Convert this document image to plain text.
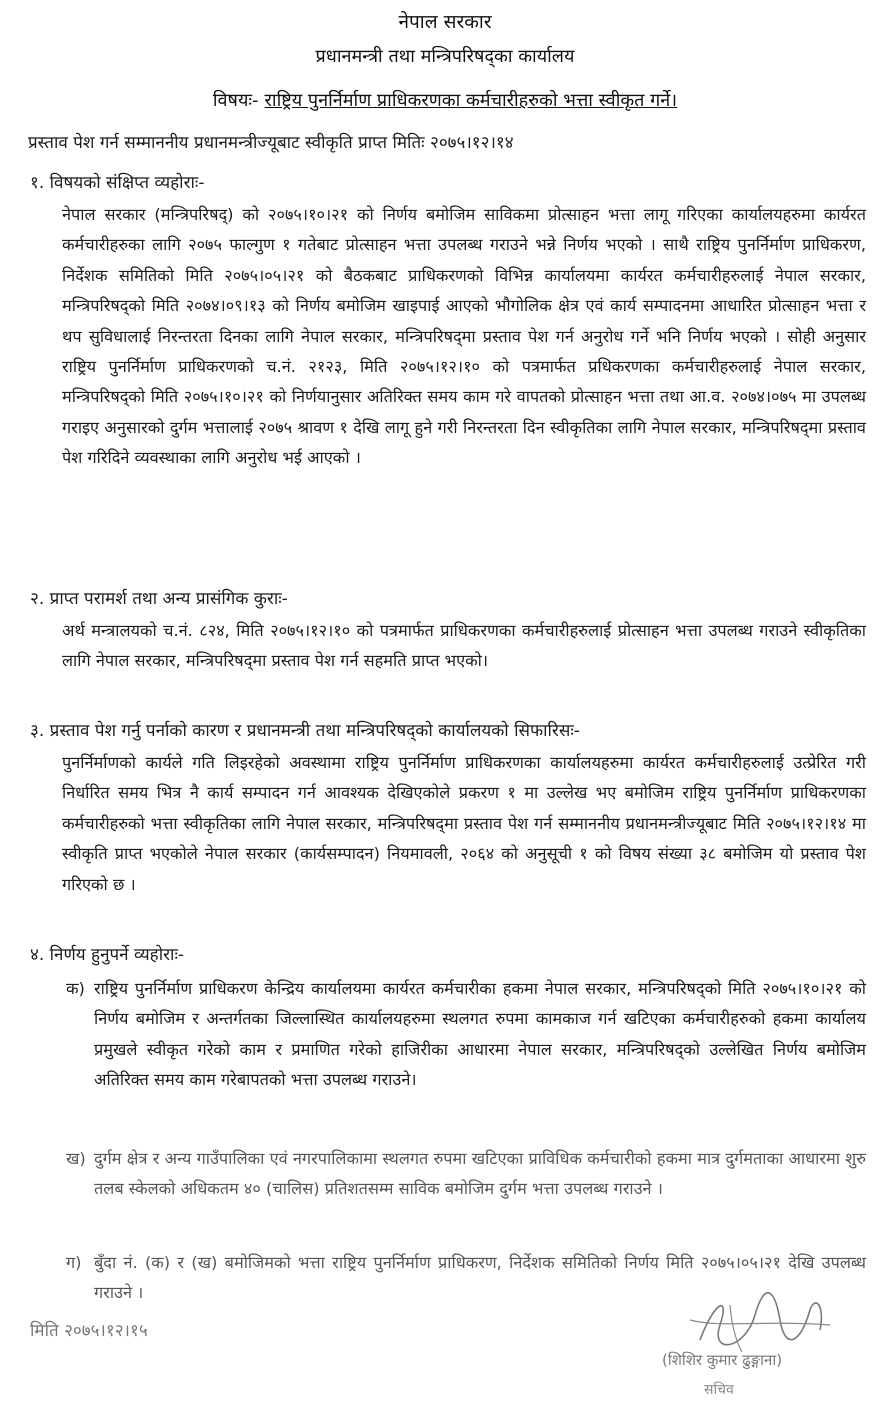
नेपाल सरकार
प्रधानमन्त्री तथा मन्त्रिपरिषद्‌का कार्यालय
विषयः- राष्ट्रिय पुनर्निर्माण प्राधिकरणका कर्मचारीहरुको भत्ता स्वीकृत गर्ने।
प्रस्ताव पेश गर्न सम्माननीय प्रधानमन्त्रीज्यूबाट स्वीकृति प्राप्त मितिः २०७५।१२।१४
१. विषयको संक्षिप्त व्यहोराः-

नेपाल सरकार (मन्त्रिपरिषद्) को २०७५।१०।२१ को निर्णय बमोजिम साविकमा प्रोत्साहन भत्ता लागू गरिएका कार्यालयहरुमा कार्यरत कर्मचारीहरुका लागि २०७५ फाल्गुण १ गतेबाट प्रोत्साहन भत्ता उपलब्ध गराउने भन्ने निर्णय भएको । साथै राष्ट्रिय पुनर्निर्माण प्राधिकरण, निर्देशक समितिको मिति २०७५।०५।२१ को बैठकबाट प्राधिकरणको विभिन्न कार्यालयमा कार्यरत कर्मचारीहरुलाई नेपाल सरकार, मन्त्रिपरिषद्‌को मिति २०७४।०९।१३ को निर्णय बमोजिम खाइपाई आएको भौगोलिक क्षेत्र एवं कार्य सम्पादनमा आधारित प्रोत्साहन भत्ता र थप सुविधालाई निरन्तरता दिनका लागि नेपाल सरकार, मन्त्रिपरिषद्‌मा प्रस्ताव पेश गर्न अनुरोध गर्ने भनि निर्णय भएको । सोही अनुसार राष्ट्रिय पुनर्निर्माण प्राधिकरणको च.नं. २१२३, मिति २०७५।१२।१० को पत्रमार्फत प्रधिकरणका कर्मचारीहरुलाई नेपाल सरकार, मन्त्रिपरिषद्‌को मिति २०७५।१०।२१ को निर्णयानुसार अतिरिक्त समय काम गरे वापतको प्रोत्साहन भत्ता तथा आ.व. २०७४।०७५ मा उपलब्ध गराइए अनुसारको दुर्गम भत्तालाई २०७५ श्रावण १ देखि लागू हुने गरी निरन्तरता दिन स्वीकृतिका लागि नेपाल सरकार, मन्त्रिपरिषद्‌मा प्रस्ताव पेश गरिदिने व्यवस्थाका लागि अनुरोध भई आएको ।

२. प्राप्त परामर्श तथा अन्य प्रासंगिक कुराः-

अर्थ मन्त्रालयको च.नं. ८२४, मिति २०७५।१२।१० को पत्रमार्फत प्राधिकरणका कर्मचारीहरुलाई प्रोत्साहन भत्ता उपलब्ध गराउने स्वीकृतिका लागि नेपाल सरकार, मन्त्रिपरिषद्‌मा प्रस्ताव पेश गर्न सहमति प्राप्त भएको।

३. प्रस्ताव पेश गर्नु पर्नाको कारण र प्रधानमन्त्री तथा मन्त्रिपरिषद्‌को कार्यालयको सिफारिसः-

पुनर्निर्माणको कार्यले गति लिइरहेको अवस्थामा राष्ट्रिय पुनर्निर्माण प्राधिकरणका कार्यालयहरुमा कार्यरत कर्मचारीहरुलाई उत्प्रेरित गरी निर्धारित समय भित्र नै कार्य सम्पादन गर्न आवश्यक देखिएकोले प्रकरण १ मा उल्लेख भए बमोजिम राष्ट्रिय पुनर्निर्माण प्राधिकरणका कर्मचारीहरुको भत्ता स्वीकृतिका लागि नेपाल सरकार, मन्त्रिपरिषद्‌मा प्रस्ताव पेश गर्न सम्माननीय प्रधानमन्त्रीज्यूबाट मिति २०७५।१२।१४ मा स्वीकृति प्राप्त भएकोले नेपाल सरकार (कार्यसम्पादन) नियमावली, २०६४ को अनुसूची १ को विषय संख्या ३८ बमोजिम यो प्रस्ताव पेश गरिएको छ ।

४. निर्णय हुनुपर्ने व्यहोराः-
क) राष्ट्रिय पुनर्निर्माण प्राधिकरण केन्द्रिय कार्यालयमा कार्यरत कर्मचारीका हकमा नेपाल सरकार, मन्त्रिपरिषद्‌को मिति २०७५।१०।२१ को निर्णय बमोजिम र अन्तर्गतका जिल्लास्थित कार्यालयहरुमा स्थलगत रुपमा कामकाज गर्न खटिएका कर्मचारीहरुको हकमा कार्यालय प्रमुखले स्वीकृत गरेको काम र प्रमाणित गरेको हाजिरीका आधारमा नेपाल सरकार, मन्त्रिपरिषद्‌को उल्लेखित निर्णय बमोजिम अतिरिक्त समय काम गरेबापतको भत्ता उपलब्ध गराउने।
ख) दुर्गम क्षेत्र र अन्य गाउँपालिका एवं नगरपालिकामा स्थलगत रुपमा खटिएका प्राविधिक कर्मचारीको हकमा मात्र दुर्गमताका आधारमा शुरु तलब स्केलको अधिकतम ४० (चालिस) प्रतिशतसम्म साविक बमोजिम दुर्गम भत्ता उपलब्ध गराउने ।
ग) बुँदा नं. (क) र (ख) बमोजिमको भत्ता राष्ट्रिय पुनर्निर्माण प्राधिकरण, निर्देशक समितिको निर्णय मिति २०७५।०५।२१ देखि उपलब्ध गराउने ।
मिति २०७५।१२।१५
(शिशिर कुमार ढुङ्गाना)
सचिव
